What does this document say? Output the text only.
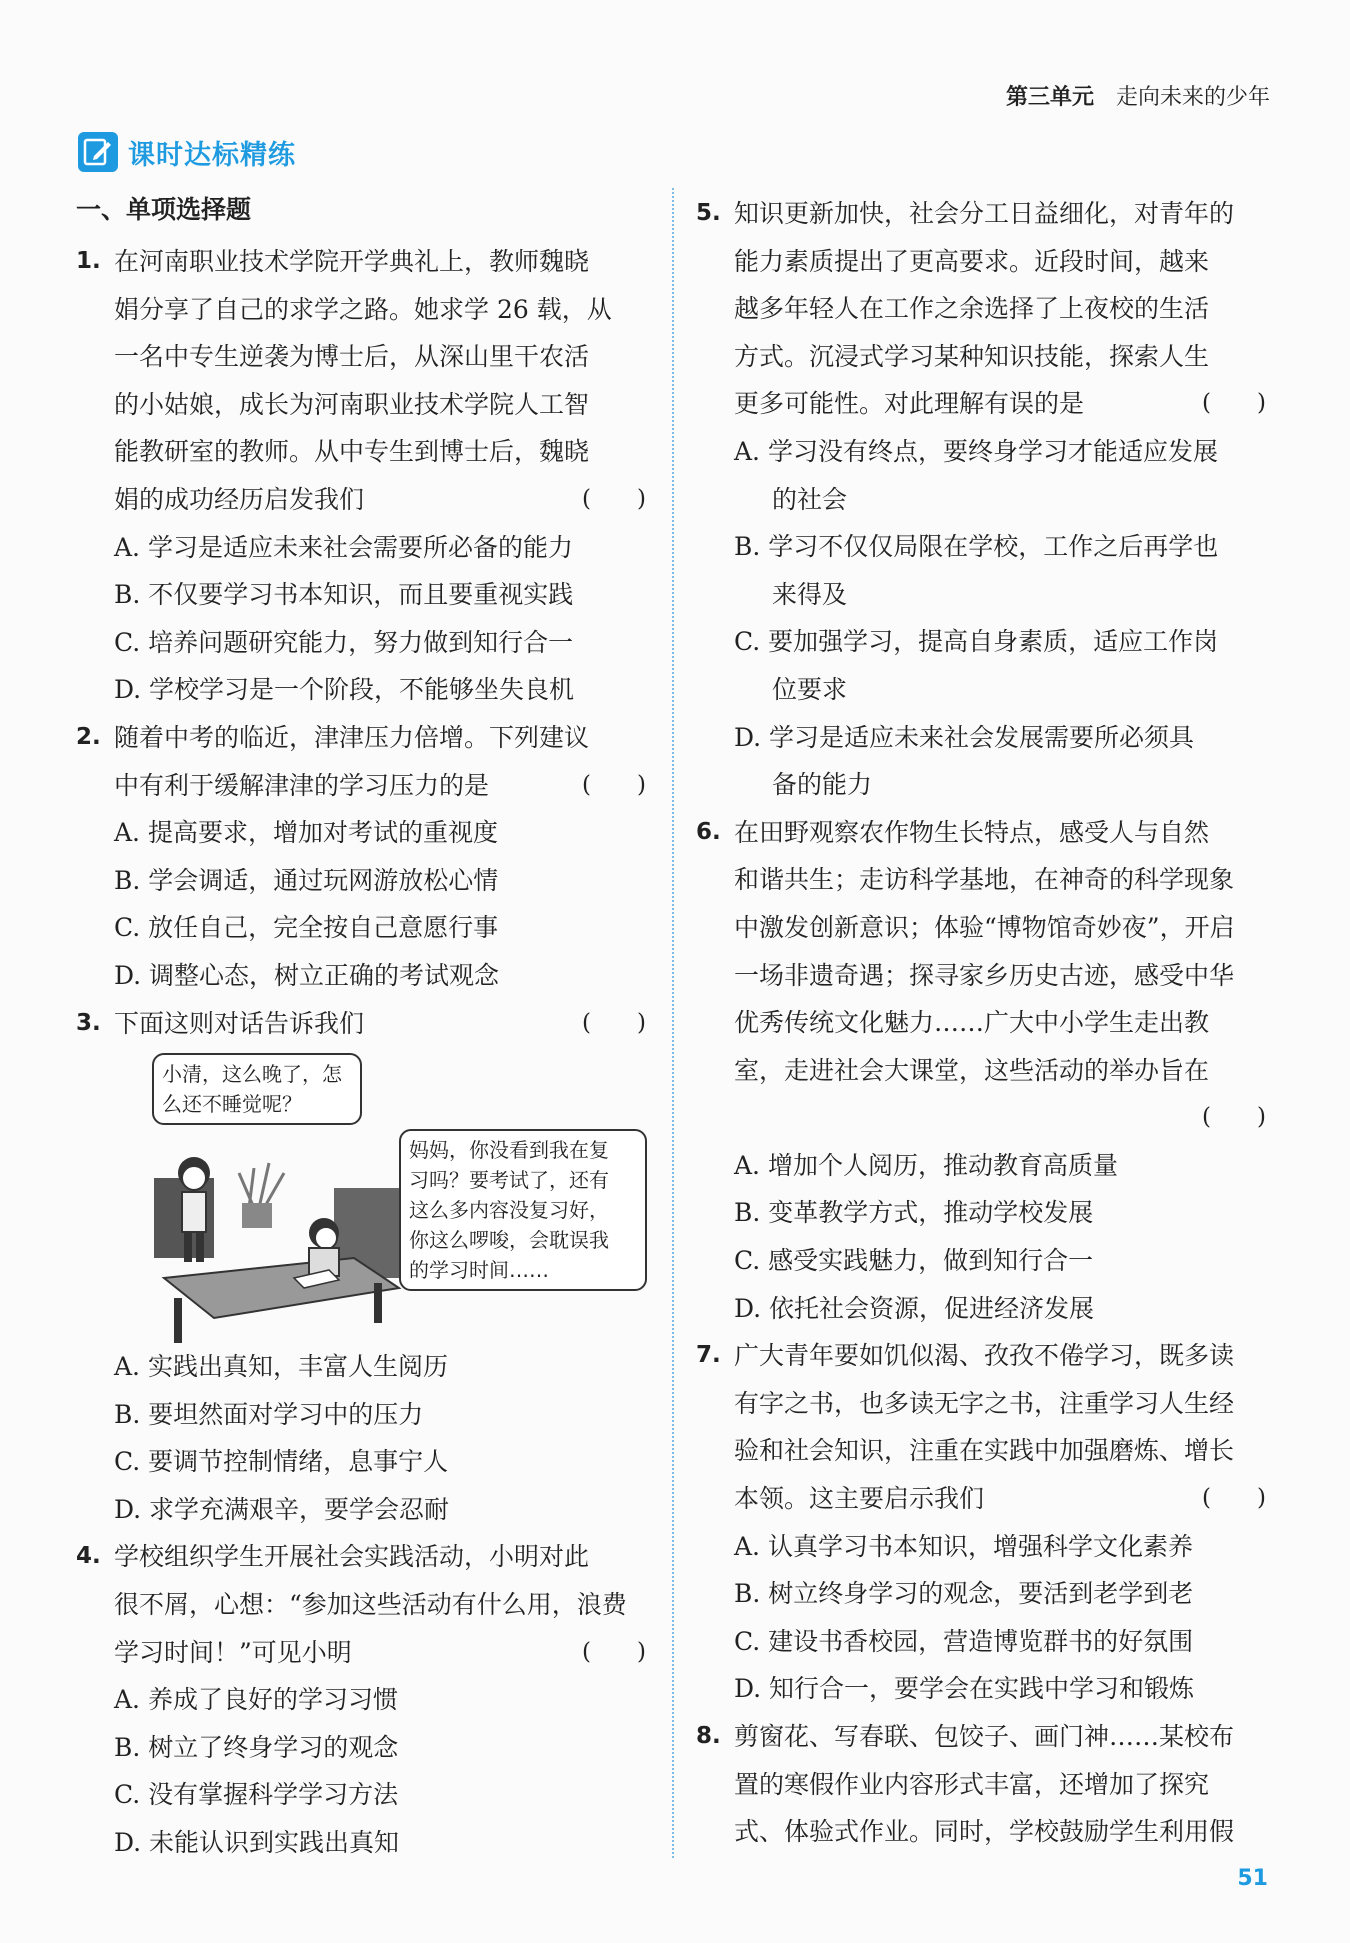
第三单元 走向未来的少年
课时达标精练
一、单项选择题
1. 在河南职业技术学院开学典礼上，教师魏晓
娟分享了自己的求学之路。她求学 26 载，从
一名中专生逆袭为博士后，从深山里干农活
的小姑娘，成长为河南职业技术学院人工智
能教研室的教师。从中专生到博士后，魏晓
娟的成功经历启发我们	(　　)
A. 学习是适应未来社会需要所必备的能力
B. 不仅要学习书本知识，而且要重视实践
C. 培养问题研究能力，努力做到知行合一
D. 学校学习是一个阶段，不能够坐失良机
2. 随着中考的临近，津津压力倍增。下列建议
中有利于缓解津津的学习压力的是	(　　)
A. 提高要求，增加对考试的重视度
B. 学会调适，通过玩网游放松心情
C. 放任自己，完全按自己意愿行事
D. 调整心态，树立正确的考试观念
3. 下面这则对话告诉我们	(　　)
小清，这么晚了，怎
么还不睡觉呢？
妈妈，你没看到我在复
习吗？要考试了，还有
这么多内容没复习好，
你这么啰唆，会耽误我
的学习时间……
A. 实践出真知，丰富人生阅历
B. 要坦然面对学习中的压力
C. 要调节控制情绪，息事宁人
D. 求学充满艰辛，要学会忍耐
4. 学校组织学生开展社会实践活动，小明对此
很不屑，心想：“参加这些活动有什么用，浪费
学习时间！”可见小明	(　　)
A. 养成了良好的学习习惯
B. 树立了终身学习的观念
C. 没有掌握科学学习方法
D. 未能认识到实践出真知
5. 知识更新加快，社会分工日益细化，对青年的
能力素质提出了更高要求。近段时间，越来
越多年轻人在工作之余选择了上夜校的生活
方式。沉浸式学习某种知识技能，探索人生
更多可能性。对此理解有误的是	(　　)
A. 学习没有终点，要终身学习才能适应发展
的社会
B. 学习不仅仅局限在学校，工作之后再学也
来得及
C. 要加强学习，提高自身素质，适应工作岗
位要求
D. 学习是适应未来社会发展需要所必须具
备的能力
6. 在田野观察农作物生长特点，感受人与自然
和谐共生；走访科学基地，在神奇的科学现象
中激发创新意识；体验“博物馆奇妙夜”，开启
一场非遗奇遇；探寻家乡历史古迹，感受中华
优秀传统文化魅力……广大中小学生走出教
室，走进社会大课堂，这些活动的举办旨在
(　　)
A. 增加个人阅历，推动教育高质量
B. 变革教学方式，推动学校发展
C. 感受实践魅力，做到知行合一
D. 依托社会资源，促进经济发展
7. 广大青年要如饥似渴、孜孜不倦学习，既多读
有字之书，也多读无字之书，注重学习人生经
验和社会知识，注重在实践中加强磨炼、增长
本领。这主要启示我们	(　　)
A. 认真学习书本知识，增强科学文化素养
B. 树立终身学习的观念，要活到老学到老
C. 建设书香校园，营造博览群书的好氛围
D. 知行合一，要学会在实践中学习和锻炼
8. 剪窗花、写春联、包饺子、画门神……某校布
置的寒假作业内容形式丰富，还增加了探究
式、体验式作业。同时，学校鼓励学生利用假
51
